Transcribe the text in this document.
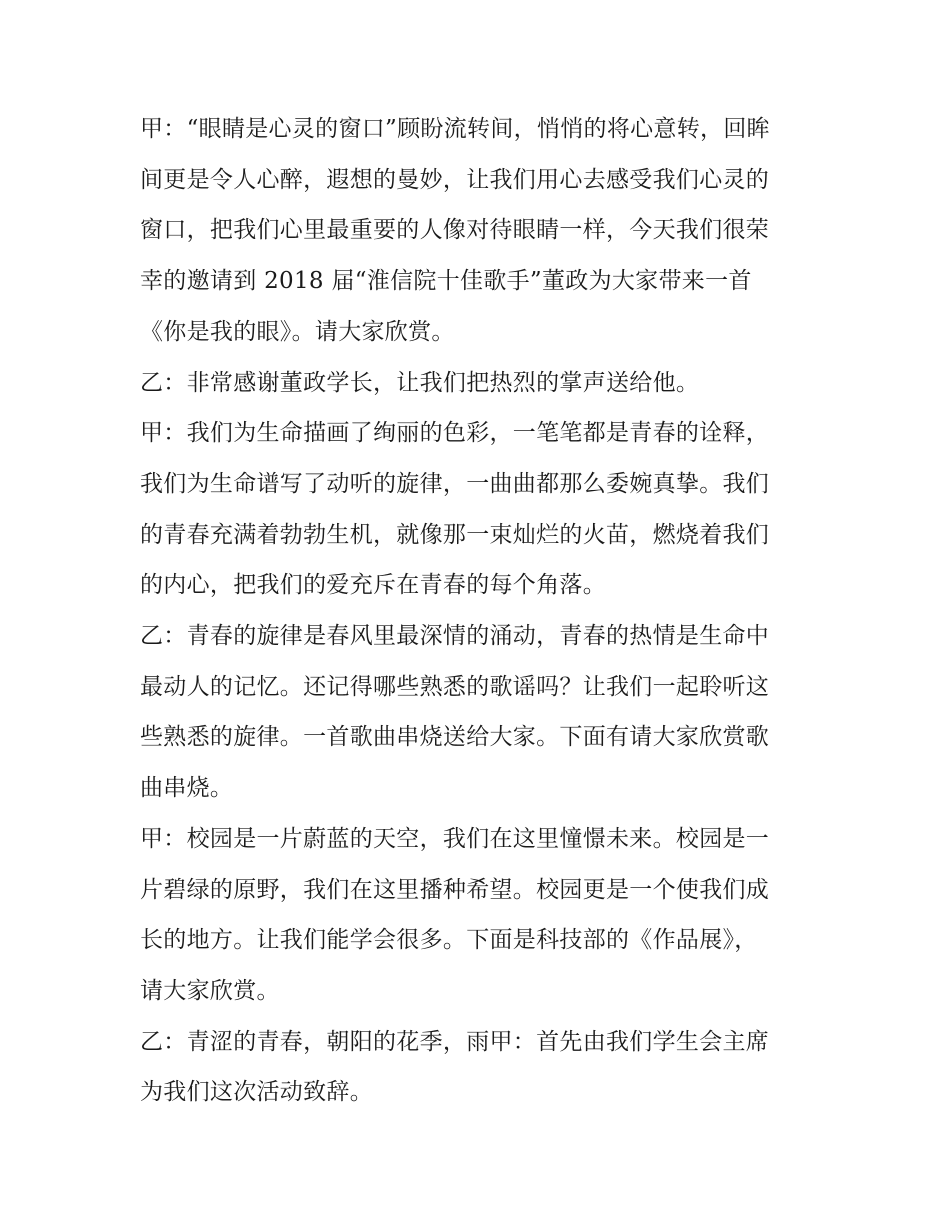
甲：“眼睛是心灵的窗口”顾盼流转间，悄悄的将心意转，回眸
间更是令人心醉，遐想的曼妙，让我们用心去感受我们心灵的
窗口，把我们心里最重要的人像对待眼睛一样，今天我们很荣
幸的邀请到 2018 届“淮信院十佳歌手”董政为大家带来一首
《你是我的眼》。请大家欣赏。

乙：非常感谢董政学长，让我们把热烈的掌声送给他。

甲：我们为生命描画了绚丽的色彩，一笔笔都是青春的诠释，
我们为生命谱写了动听的旋律，一曲曲都那么委婉真挚。我们
的青春充满着勃勃生机，就像那一束灿烂的火苗，燃烧着我们
的内心，把我们的爱充斥在青春的每个角落。

乙：青春的旋律是春风里最深情的涌动，青春的热情是生命中
最动人的记忆。还记得哪些熟悉的歌谣吗？让我们一起聆听这
些熟悉的旋律。一首歌曲串烧送给大家。下面有请大家欣赏歌
曲串烧。

甲：校园是一片蔚蓝的天空，我们在这里憧憬未来。校园是一
片碧绿的原野，我们在这里播种希望。校园更是一个使我们成
长的地方。让我们能学会很多。下面是科技部的《作品展》，
请大家欣赏。

乙：青涩的青春，朝阳的花季，雨甲：首先由我们学生会主席
为我们这次活动致辞。
